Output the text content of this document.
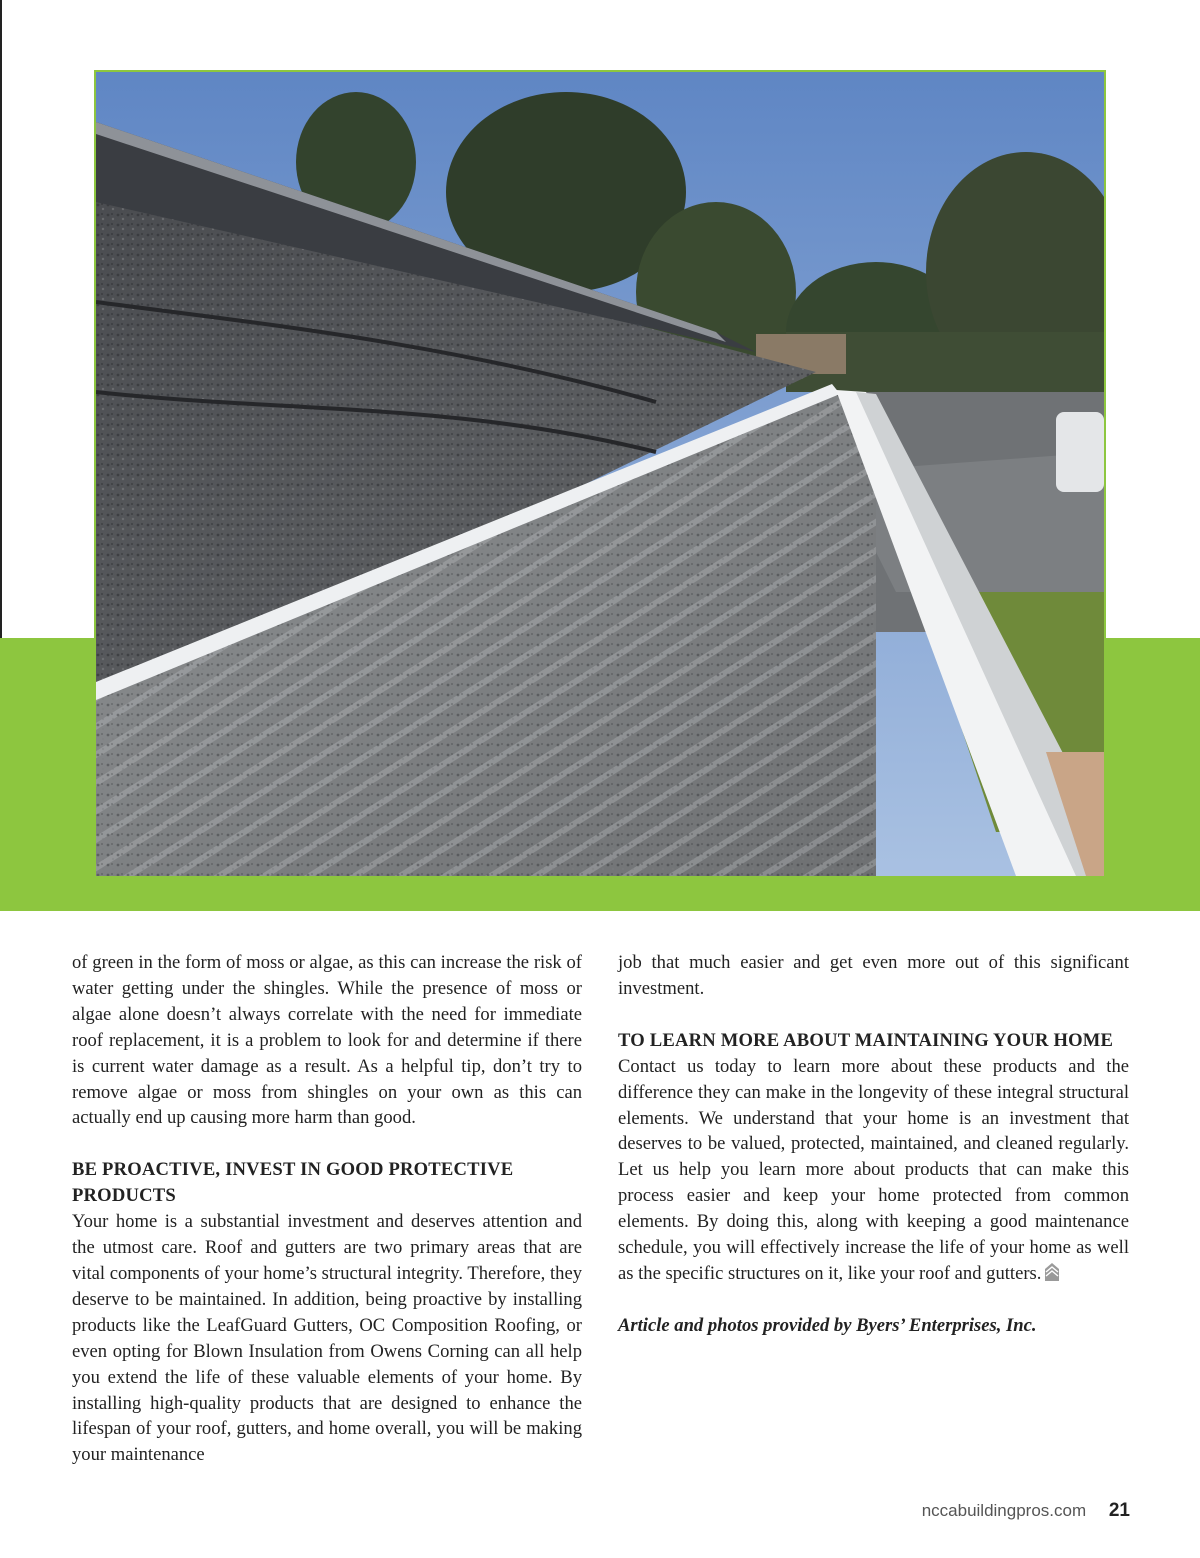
of green in the form of moss or algae, as this can increase the risk of water getting under the shingles. While the presence of moss or algae alone doesn’t always correlate with the need for immediate roof replacement, it is a problem to look for and determine if there is current water damage as a result. As a helpful tip, don’t try to remove algae or moss from shingles on your own as this can actually end up causing more harm than good.

BE PROACTIVE, INVEST IN GOOD PROTECTIVE PRODUCTS

Your home is a substantial investment and deserves attention and the utmost care. Roof and gutters are two primary areas that are vital components of your home’s structural integrity. Therefore, they deserve to be maintained. In addition, being proactive by installing products like the LeafGuard Gutters, OC Composition Roofing, or even opting for Blown Insulation from Owens Corning can all help you extend the life of these valuable elements of your home. By installing high-quality products that are designed to enhance the lifespan of your roof, gutters, and home overall, you will be making your maintenance

job that much easier and get even more out of this significant investment.

TO LEARN MORE ABOUT MAINTAINING YOUR HOME

Contact us today to learn more about these products and the difference they can make in the longevity of these integral structural elements. We understand that your home is an investment that deserves to be valued, protected, maintained, and cleaned regularly. Let us help you learn more about products that can make this process easier and keep your home protected from common elements. By doing this, along with keeping a good maintenance schedule, you will effectively increase the life of your home as well as the specific structures on it, like your roof and gutters.

Article and photos provided by Byers’ Enterprises, Inc.

nccabuildingpros.com 21
